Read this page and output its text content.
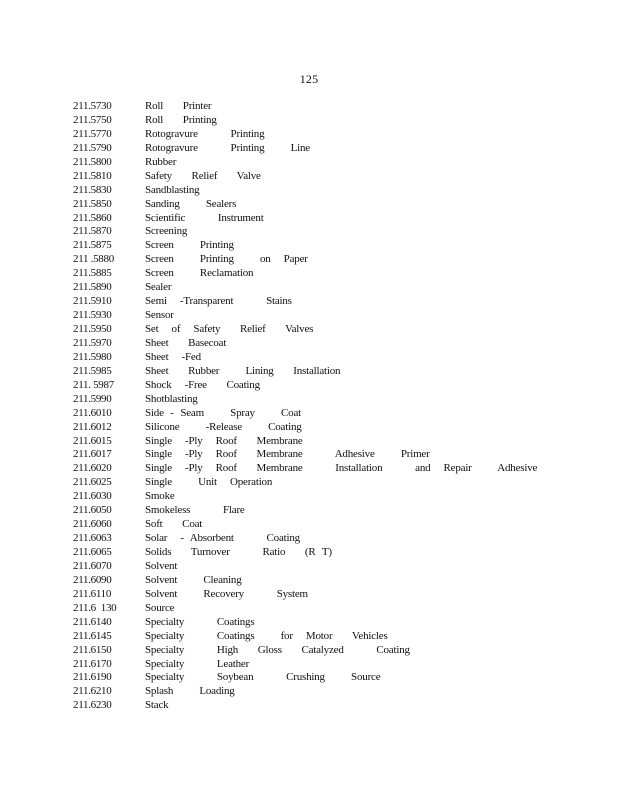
125
211.5730	Roll   Printer
211.5750	Roll   Printing
211.5770	Rotogravure     Printing
211.5790	Rotogravure     Printing    Line
211.5800	Rubber
211.5810	Safety   Relief   Valve
211.5830	Sandblasting
211.5850	Sanding    Sealers
211.5860	Scientific     Instrument
211.5870	Screening
211.5875	Screen    Printing
211 .5880	Screen    Printing    on  Paper
211.5885	Screen    Reclamation
211.5890	Sealer
211.5910	Semi  -Transparent     Stains
211.5930	Sensor
211.5950	Set  of  Safety   Relief   Valves
211.5970	Sheet   Basecoat
211.5980	Sheet  -Fed
211.5985	Sheet   Rubber    Lining   Installation
211. 5987	Shock  -Free   Coating
211.5990	Shotblasting
211.6010	Side - Seam    Spray    Coat
211.6012	Silicone    -Release    Coating
211.6015	Single  -Ply  Roof   Membrane
211.6017	Single  -Ply  Roof   Membrane     Adhesive    Primer
211.6020	Single  -Ply  Roof   Membrane     Installation     and  Repair    Adhesive
211.6025	Single    Unit  Operation
211.6030	Smoke
211.6050	Smokeless     Flare
211.6060	Soft   Coat
211.6063	Solar  - Absorbent     Coating
211.6065	Solids   Turnover     Ratio   (R T)
211.6070	Solvent
211.6090	Solvent    Cleaning
211.6110	Solvent    Recovery     System
211.6  130	Source
211.6140	Specialty     Coatings
211.6145	Specialty     Coatings    for  Motor   Vehicles
211.6150	Specialty     High   Gloss   Catalyzed     Coating
211.6170	Specialty     Leather
211.6190	Specialty     Soybean     Crushing    Source
211.6210	Splash    Loading
211.6230	Stack
